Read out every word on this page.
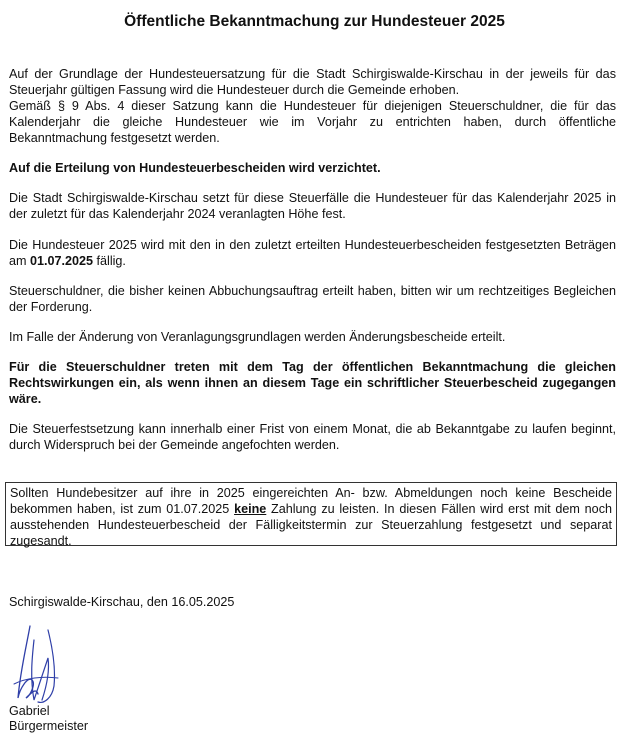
Öffentliche Bekanntmachung zur Hundesteuer 2025

Auf der Grundlage der Hundesteuersatzung für die Stadt Schirgiswalde-Kirschau in der jeweils für das Steuerjahr gültigen Fassung wird die Hundesteuer durch die Gemeinde erhoben.
Gemäß § 9 Abs. 4 dieser Satzung kann die Hundesteuer für diejenigen Steuerschuldner, die für das Kalenderjahr die gleiche Hundesteuer wie im Vorjahr zu entrichten haben, durch öffentliche Bekanntmachung festgesetzt werden.

Auf die Erteilung von Hundesteuerbescheiden wird verzichtet.

Die Stadt Schirgiswalde-Kirschau setzt für diese Steuerfälle die Hundesteuer für das Kalenderjahr 2025 in der zuletzt für das Kalenderjahr 2024 veranlagten Höhe fest.

Die Hundesteuer 2025 wird mit den in den zuletzt erteilten Hundesteuerbescheiden festgesetzten Beträgen am 01.07.2025 fällig.

Steuerschuldner, die bisher keinen Abbuchungsauftrag erteilt haben, bitten wir um rechtzeitiges Begleichen der Forderung.

Im Falle der Änderung von Veranlagungsgrundlagen werden Änderungsbescheide erteilt.

Für die Steuerschuldner treten mit dem Tag der öffentlichen Bekanntmachung die gleichen Rechtswirkungen ein, als wenn ihnen an diesem Tage ein schriftlicher Steuerbescheid zugegangen wäre.

Die Steuerfestsetzung kann innerhalb einer Frist von einem Monat, die ab Bekanntgabe zu laufen beginnt, durch Widerspruch bei der Gemeinde angefochten werden.

Sollten Hundebesitzer auf ihre in 2025 eingereichten An- bzw. Abmeldungen noch keine Bescheide bekommen haben, ist zum 01.07.2025 keine Zahlung zu leisten. In diesen Fällen wird erst mit dem noch ausstehenden Hundesteuerbescheid der Fälligkeitstermin zur Steuerzahlung festgesetzt und separat zugesandt.
Schirgiswalde-Kirschau, den 16.05.2025
Gabriel
Bürgermeister
